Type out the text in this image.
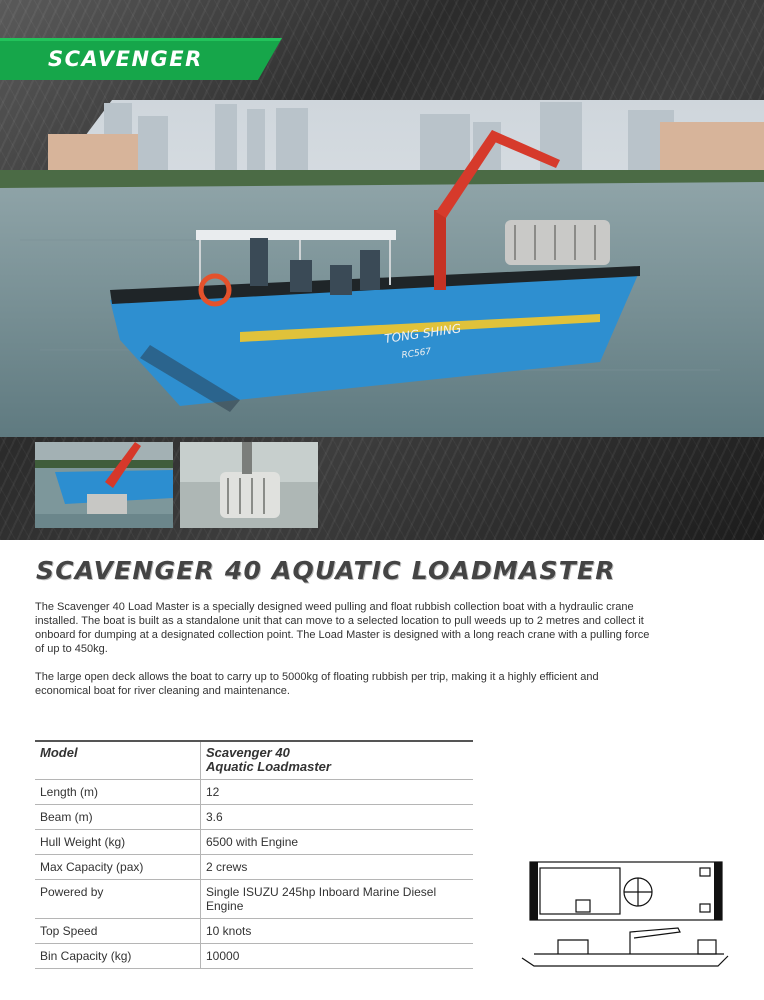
SCAVENGER
TONG SHING
RC567
SCAVENGER 40 AQUATIC LOADMASTER
The Scavenger 40 Load Master is a specially designed weed pulling and float rubbish collection boat with a hydraulic crane installed. The boat is built as a standalone unit that can move to a selected location to pull weeds up to 2 metres and collect it onboard for dumping at a designated collection point. The Load Master is designed with a long reach crane with a pulling force of up to 450kg.
The large open deck allows the boat to carry up to 5000kg of floating rubbish per trip, making it a highly efficient and economical boat for river cleaning and maintenance.
Model	Scavenger 40
Aquatic Loadmaster
Length (m)	12
Beam (m)	3.6
Hull Weight (kg)	6500 with Engine
Max Capacity (pax)	2 crews
Powered by	Single ISUZU 245hp Inboard Marine Diesel Engine
Top Speed	10 knots
Bin Capacity (kg)	10000
